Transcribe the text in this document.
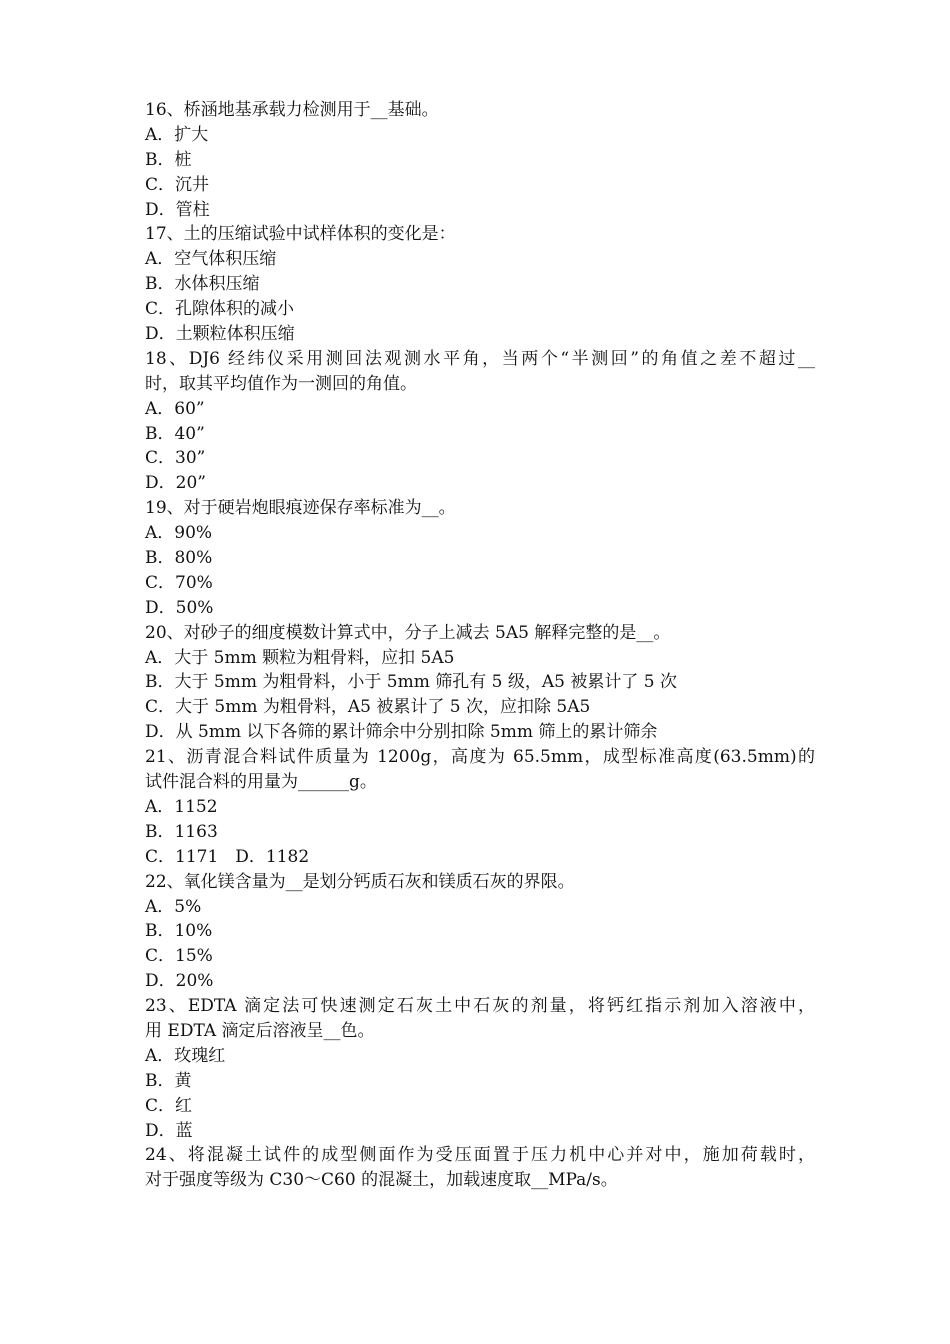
16、桥涵地基承载力检测用于__基础。
A．扩大
B．桩
C．沉井
D．管柱
17、土的压缩试验中试样体积的变化是：
A．空气体积压缩
B．水体积压缩
C．孔隙体积的减小
D．土颗粒体积压缩
18、DJ6 经纬仪采用测回法观测水平角，当两个“半测回”的角值之差不超过__
时，取其平均值作为一测回的角值。
A．60”
B．40”
C．30”
D．20”
19、对于硬岩炮眼痕迹保存率标准为__。
A．90%
B．80%
C．70%
D．50%
20、对砂子的细度模数计算式中，分子上减去 5A5 解释完整的是__。
A．大于 5mm 颗粒为粗骨料，应扣 5A5
B．大于 5mm 为粗骨料，小于 5mm 筛孔有 5 级，A5 被累计了 5 次
C．大于 5mm 为粗骨料，A5 被累计了 5 次，应扣除 5A5
D．从 5mm 以下各筛的累计筛余中分别扣除 5mm 筛上的累计筛余
21、沥青混合料试件质量为 1200g，高度为 65.5mm，成型标准高度(63.5mm)的
试件混合料的用量为______g。
A．1152
B．1163
C．1171　D．1182
22、氧化镁含量为__是划分钙质石灰和镁质石灰的界限。
A．5%
B．10%
C．15%
D．20%
23、EDTA 滴定法可快速测定石灰土中石灰的剂量，将钙红指示剂加入溶液中，
用 EDTA 滴定后溶液呈__色。
A．玫瑰红
B．黄
C．红
D．蓝
24、将混凝土试件的成型侧面作为受压面置于压力机中心并对中，施加荷载时，
对于强度等级为 C30～C60 的混凝土，加载速度取__MPa/s。
